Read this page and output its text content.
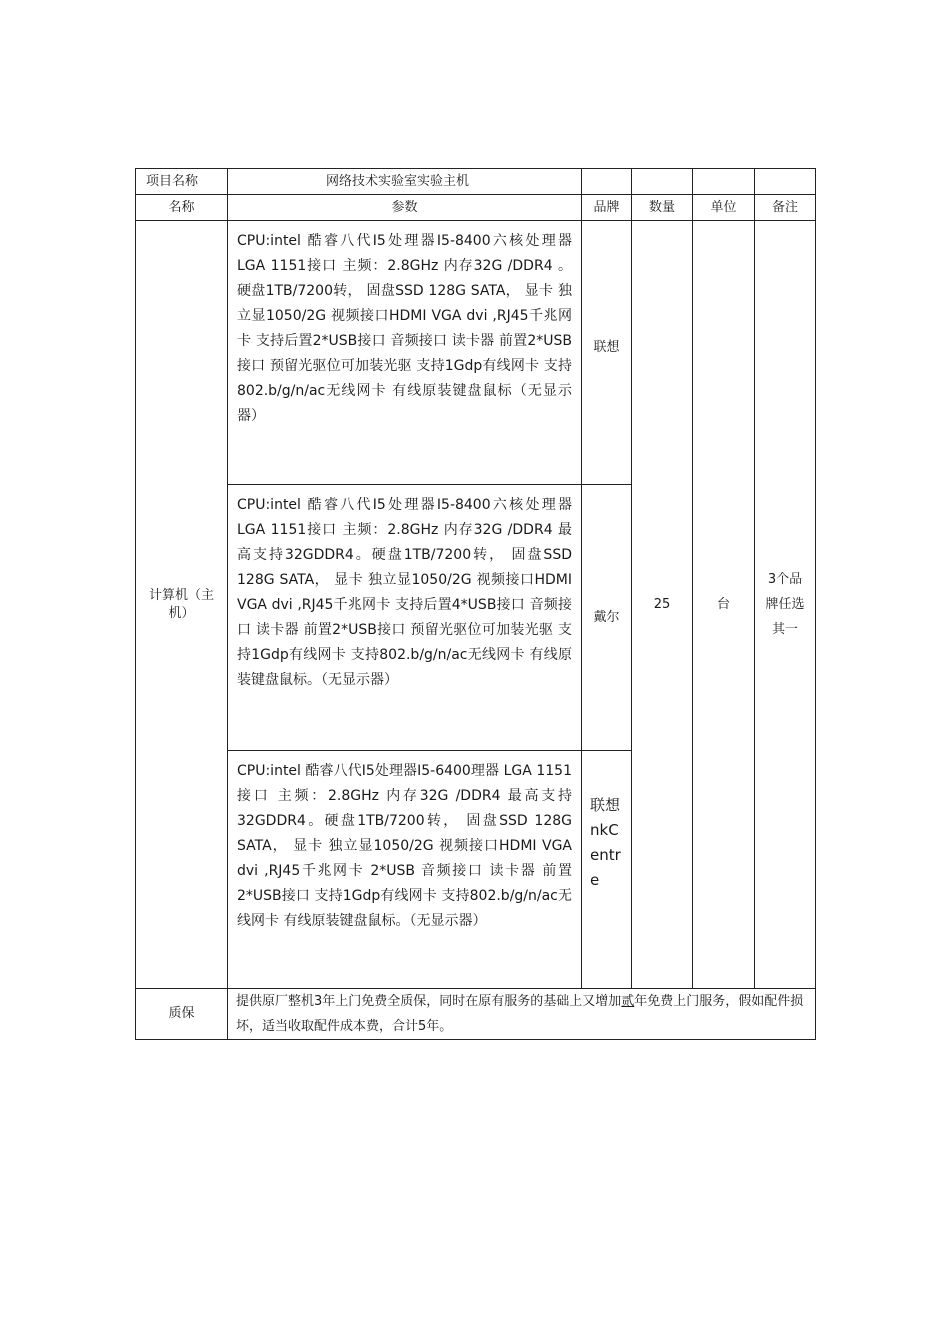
项目名称	网络技术实验室实验主机				
名称	参数	品牌	数量	单位	备注
计算机（主机）	CPU:intel 酷睿八代I5处理器I5-8400六核处理器 LGA 1151接口 主频：2.8GHz 内存32G /DDR4 。硬盘1TB/7200转， 固盘SSD 128G SATA， 显卡 独立显1050/2G 视频接口HDMI VGA dvi ,RJ45千兆网卡 支持后置2*USB接口 音频接口 读卡器 前置2*USB接口 预留光驱位可加装光驱 支持1Gdp有线网卡 支持802.b/g/n/ac无线网卡 有线原装键盘鼠标（无显示器）	联想	25	台	3个品牌任选其一
	CPU:intel 酷睿八代I5处理器I5-8400六核处理器 LGA 1151接口 主频：2.8GHz 内存32G /DDR4 最高支持32GDDR4。硬盘1TB/7200转， 固盘SSD 128G SATA， 显卡 独立显1050/2G 视频接口HDMI VGA dvi ,RJ45千兆网卡 支持后置4*USB接口 音频接口 读卡器 前置2*USB接口 预留光驱位可加装光驱 支持1Gdp有线网卡 支持802.b/g/n/ac无线网卡 有线原装键盘鼠标。（无显示器）	戴尔			
	CPU:intel 酷睿八代I5处理器I5-6400理器 LGA 1151接口 主频：2.8GHz 内存32G /DDR4 最高支持32GDDR4。硬盘1TB/7200转， 固盘SSD 128G SATA， 显卡 独立显1050/2G 视频接口HDMI VGA dvi ,RJ45千兆网卡 2*USB 音频接口 读卡器 前置2*USB接口 支持1Gdp有线网卡 支持802.b/g/n/ac无线网卡 有线原装键盘鼠标。（无显示器）	联想nkCentre			
质保	提供原厂整机3年上门免费全质保，同时在原有服务的基础上又增加贰年免费上门服务，假如配件损坏，适当收取配件成本费，合计5年。				
